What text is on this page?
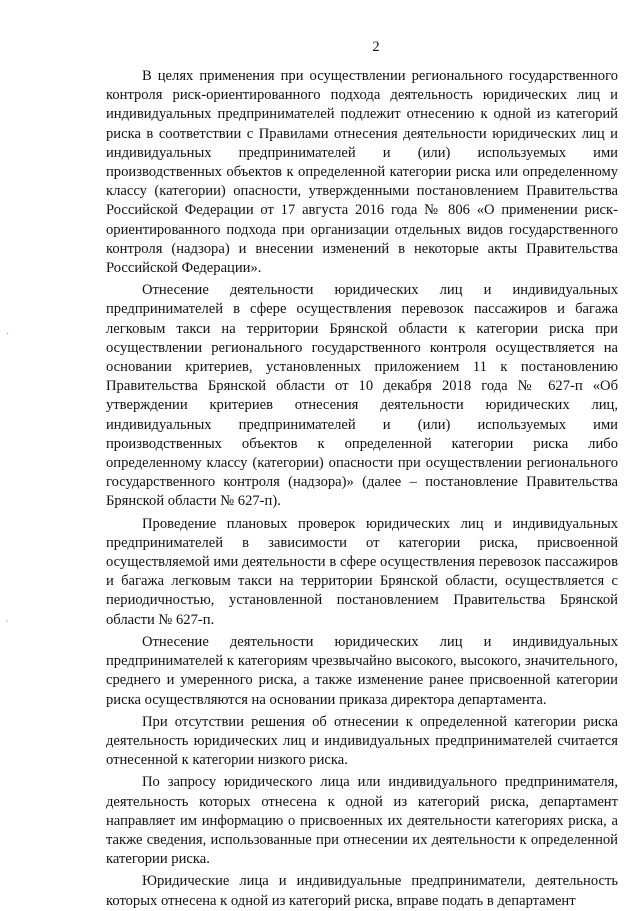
2

В целях применения при осуществлении регионального государственного контроля риск-ориентированного подхода деятельность юридических лиц и индивидуальных предпринимателей подлежит отнесению к одной из категорий риска в соответствии с Правилами отнесения деятельности юридических лиц и индивидуальных предпринимателей и (или) используемых ими производственных объектов к определенной категории риска или определенному классу (категории) опасности, утвержденными постановлением Правительства Российской Федерации от 17 августа 2016 года № 806 «О применении риск-ориентированного подхода при организации отдельных видов государственного контроля (надзора) и внесении изменений в некоторые акты Правительства Российской Федерации».

Отнесение деятельности юридических лиц и индивидуальных предпринимателей в сфере осуществления перевозок пассажиров и багажа легковым такси на территории Брянской области к категории риска при осуществлении регионального государственного контроля осуществляется на основании критериев, установленных приложением 11 к постановлению Правительства Брянской области от 10 декабря 2018 года № 627-п «Об утверждении критериев отнесения деятельности юридических лиц, индивидуальных предпринимателей и (или) используемых ими производственных объектов к определенной категории риска либо определенному классу (категории) опасности при осуществлении регионального государственного контроля (надзора)» (далее – постановление Правительства Брянской области № 627-п).

Проведение плановых проверок юридических лиц и индивидуальных предпринимателей в зависимости от категории риска, присвоенной осуществляемой ими деятельности в сфере осуществления перевозок пассажиров и багажа легковым такси на территории Брянской области, осуществляется с периодичностью, установленной постановлением Правительства Брянской области № 627-п.

Отнесение деятельности юридических лиц и индивидуальных предпринимателей к категориям чрезвычайно высокого, высокого, значительного, среднего и умеренного риска, а также изменение ранее присвоенной категории риска осуществляются на основании приказа директора департамента.

При отсутствии решения об отнесении к определенной категории риска деятельность юридических лиц и индивидуальных предпринимателей считается отнесенной к категории низкого риска.

По запросу юридического лица или индивидуального предпринимателя, деятельность которых отнесена к одной из категорий риска, департамент направляет им информацию о присвоенных их деятельности категориях риска, а также сведения, использованные при отнесении их деятельности к определенной категории риска.

Юридические лица и индивидуальные предприниматели, деятельность которых отнесена к одной из категорий риска, вправе подать в департамент

·
'
